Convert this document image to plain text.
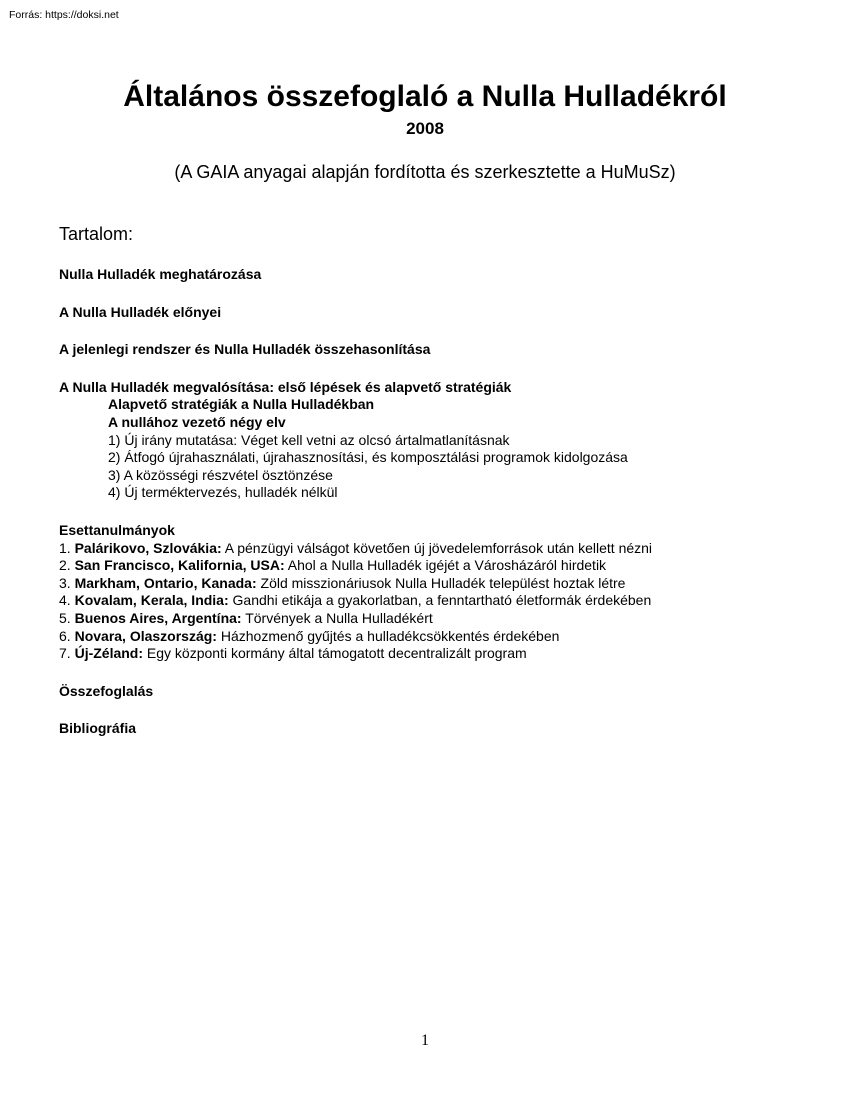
Forrás: https://doksi.net
Általános összefoglaló a Nulla Hulladékról
2008
(A GAIA anyagai alapján fordította és szerkesztette a HuMuSz)
Tartalom:
Nulla Hulladék meghatározása
A Nulla Hulladék előnyei
A jelenlegi rendszer és Nulla Hulladék összehasonlítása
A Nulla Hulladék megvalósítása: első lépések és alapvető stratégiák
Alapvető stratégiák a Nulla Hulladékban
A nullához vezető négy elv
1) Új irány mutatása: Véget kell vetni az olcsó ártalmatlanításnak
2) Átfogó újrahasználati, újrahasznosítási, és komposztálási programok kidolgozása
3) A közösségi részvétel ösztönzése
4) Új terméktervezés, hulladék nélkül
Esettanulmányok
1. Palárikovo, Szlovákia: A pénzügyi válságot követően új jövedelemforrások után kellett nézni
2. San Francisco, Kalifornia, USA: Ahol a Nulla Hulladék igéjét a Városházáról hirdetik
3. Markham, Ontario, Kanada: Zöld misszionáriusok Nulla Hulladék települést hoztak létre
4. Kovalam, Kerala, India: Gandhi etikája a gyakorlatban, a fenntartható életformák érdekében
5. Buenos Aires, Argentína: Törvények a Nulla Hulladékért
6. Novara, Olaszország: Házhozmenő gyűjtés a hulladékcsökkentés érdekében
7. Új-Zéland: Egy központi kormány által támogatott decentralizált program
Összefoglalás
Bibliográfia
1
